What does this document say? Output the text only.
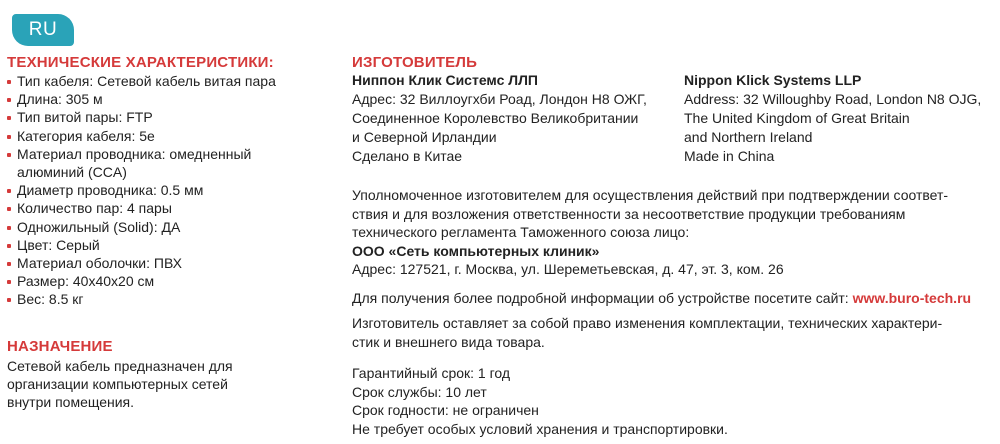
RU
ТЕХНИЧЕСКИЕ ХАРАКТЕРИСТИКИ:
Тип кабеля: Сетевой кабель витая пара
Длина: 305 м
Тип витой пары: FTP
Категория кабеля: 5е
Материал проводника: омедненный
алюминий (CCA)
Диаметр проводника: 0.5 мм
Количество пар: 4 пары
Одножильный (Solid): ДА
Цвет: Серый
Материал оболочки: ПВХ
Размер: 40х40х20 см
Вес: 8.5 кг
НАЗНАЧЕНИЕ
Сетевой кабель предназначен для
организации компьютерных сетей
внутри помещения.
ИЗГОТОВИТЕЛЬ
Ниппон Клик Системс ЛЛП
Адрес: 32 Виллоугхби Роад, Лондон Н8 ОЖГ,
Соединенное Королевство Великобритании
и Северной Ирландии
Сделано в Китае
Nippon Klick Systems LLP
Address: 32 Willoughby Road, London N8 OJG,
The United Kingdom of Great Britain
and Northern Ireland
Made in China
Уполномоченное изготовителем для осуществления действий при подтверждении соответ-
ствия и для возложения ответственности за несоответствие продукции требованиям
технического регламента Таможенного союза лицо:
ООО «Сеть компьютерных клиник»
Адрес: 127521, г. Москва, ул. Шереметьевская, д. 47, эт. 3, ком. 26
Для получения более подробной информации об устройстве посетите сайт: www.buro-tech.ru
Изготовитель оставляет за собой право изменения комплектации, технических характери-
стик и внешнего вида товара.
Гарантийный срок: 1 год
Срок службы: 10 лет
Срок годности: не ограничен
Не требует особых условий хранения и транспортировки.
